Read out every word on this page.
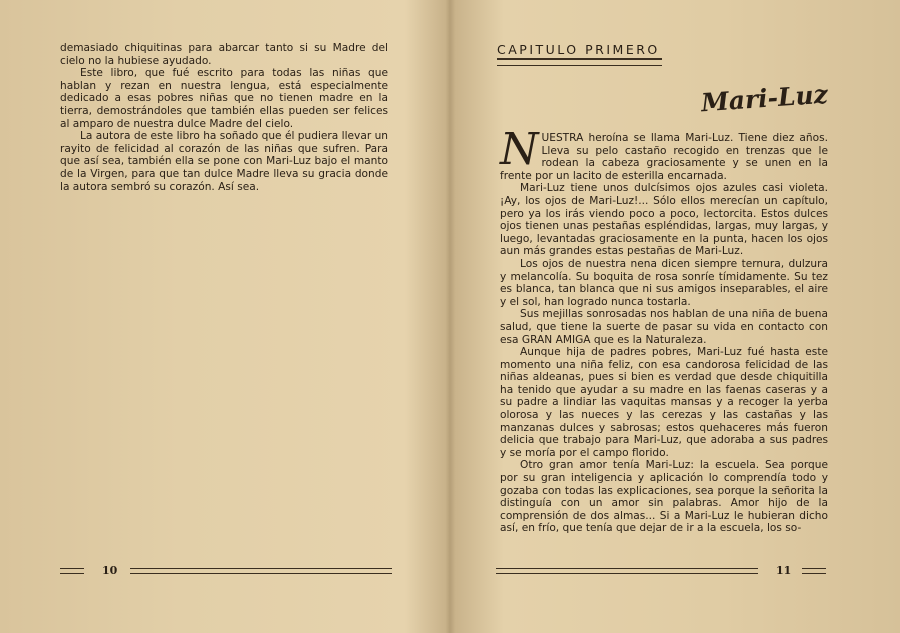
demasiado chiquitinas para abarcar tanto si su Madre del cielo no la hubiese ayudado.

Este libro, que fué escrito para todas las niñas que hablan y rezan en nuestra lengua, está especialmente dedicado a esas pobres niñas que no tienen madre en la tierra, demostrándoles que también ellas pueden ser felices al amparo de nuestra dulce Madre del cielo.

La autora de este libro ha soñado que él pudiera llevar un rayito de felicidad al corazón de las niñas que sufren. Para que así sea, también ella se pone con Mari-Luz bajo el manto de la Virgen, para que tan dulce Madre lleva su gracia donde la autora sembró su corazón. Así sea.

10
CAPITULO PRIMERO
Mari-Luz

NUESTRA heroína se llama Mari-Luz. Tiene diez años. Lleva su pelo castaño recogido en trenzas que le rodean la cabeza graciosamente y se unen en la frente por un lacito de esterilla encarnada.

Mari-Luz tiene unos dulcísimos ojos azules casi violeta. ¡Ay, los ojos de Mari-Luz!... Sólo ellos merecían un capítulo, pero ya los irás viendo poco a poco, lectorcita. Estos dulces ojos tienen unas pestañas espléndidas, largas, muy largas, y luego, levantadas graciosamente en la punta, hacen los ojos aun más grandes estas pestañas de Mari-Luz.

Los ojos de nuestra nena dicen siempre ternura, dulzura y melancolía. Su boquita de rosa sonríe tímidamente. Su tez es blanca, tan blanca que ni sus amigos inseparables, el aire y el sol, han logrado nunca tostarla.

Sus mejillas sonrosadas nos hablan de una niña de buena salud, que tiene la suerte de pasar su vida en contacto con esa GRAN AMIGA que es la Naturaleza.

Aunque hija de padres pobres, Mari-Luz fué hasta este momento una niña feliz, con esa candorosa felicidad de las niñas aldeanas, pues si bien es verdad que desde chiquitilla ha tenido que ayudar a su madre en las faenas caseras y a su padre a lindiar las vaquitas mansas y a recoger la yerba olorosa y las nueces y las cerezas y las castañas y las manzanas dulces y sabrosas; estos quehaceres más fueron delicia que trabajo para Mari-Luz, que adoraba a sus padres y se moría por el campo florido.

Otro gran amor tenía Mari-Luz: la escuela. Sea porque por su gran inteligencia y aplicación lo comprendía todo y gozaba con todas las explicaciones, sea porque la señorita la distinguía con un amor sin palabras. Amor hijo de la comprensión de dos almas... Si a Mari-Luz le hubieran dicho así, en frío, que tenía que dejar de ir a la escuela, los so-

11
